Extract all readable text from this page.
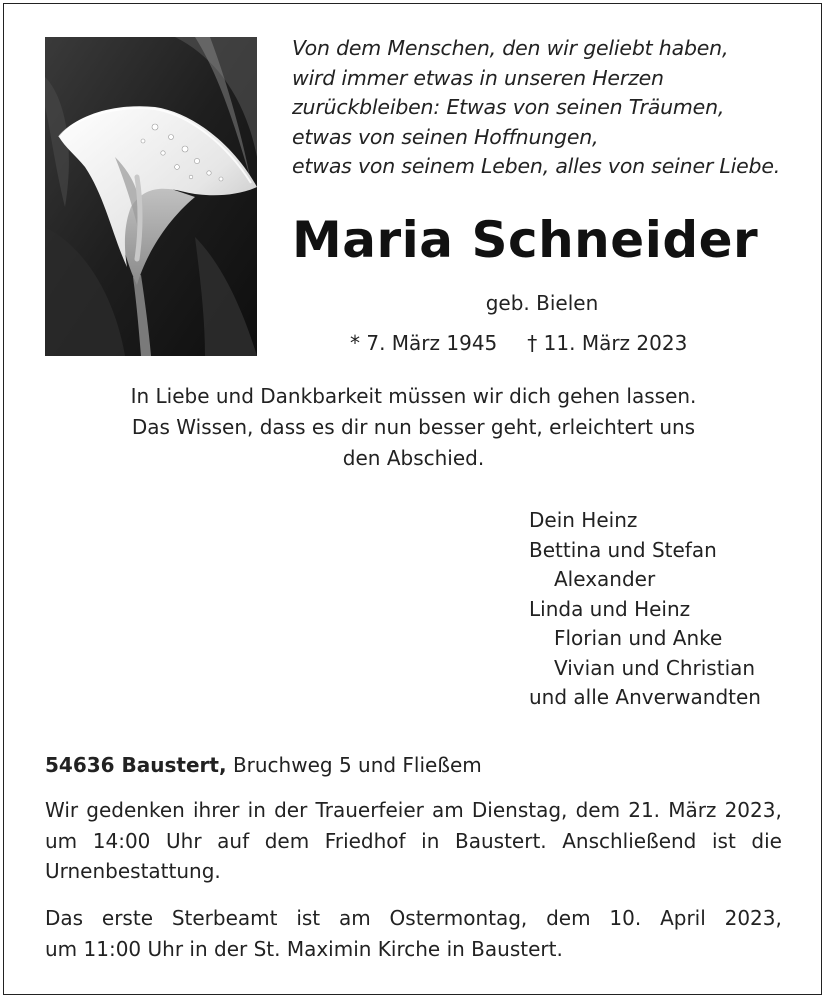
Von dem Menschen, den wir geliebt haben,
wird immer etwas in unseren Herzen
zurückbleiben: Etwas von seinen Träumen,
etwas von seinen Hoffnungen,
etwas von seinem Leben, alles von seiner Liebe.
Maria Schneider
geb. Bielen
* 7. März 1945 † 11. März 2023
In Liebe und Dankbarkeit müssen wir dich gehen lassen.
Das Wissen, dass es dir nun besser geht, erleichtert uns
den Abschied.
Dein Heinz
Bettina und Stefan
Alexander
Linda und Heinz
Florian und Anke
Vivian und Christian
und alle Anverwandten
54636 Baustert, Bruchweg 5 und Fließem
Wir gedenken ihrer in der Trauerfeier am Dienstag, dem 21. März 2023,
um 14:00 Uhr auf dem Friedhof in Baustert. Anschließend ist die
Urnenbestattung.
Das erste Sterbeamt ist am Ostermontag, dem 10. April 2023,
um 11:00 Uhr in der St. Maximin Kirche in Baustert.
